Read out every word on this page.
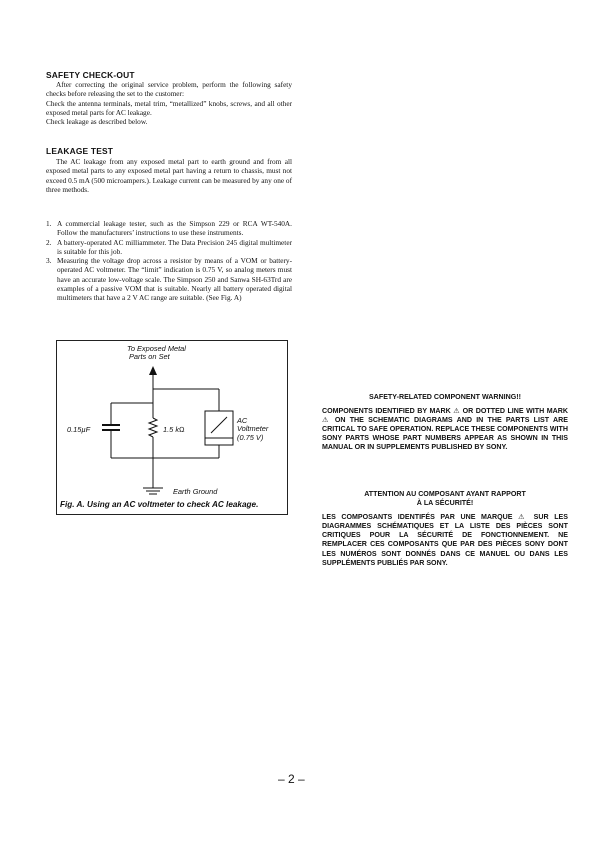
SAFETY CHECK-OUT

After correcting the original service problem, perform the following safety checks before releasing the set to the customer:

Check the antenna terminals, metal trim, “metallized” knobs, screws, and all other exposed metal parts for AC leakage.

Check leakage as described below.

LEAKAGE TEST

The AC leakage from any exposed metal part to earth ground and from all exposed metal parts to any exposed metal part having a return to chassis, must not exceed 0.5 mA (500 microampers.). Leakage current can be measured by any one of three methods.

1. A commercial leakage tester, such as the Simpson 229 or RCA WT-540A. Follow the manufacturers’ instructions to use these instruments.
2. A battery-operated AC milliammeter. The Data Precision 245 digital multimeter is suitable for this job.
3. Measuring the voltage drop across a resistor by means of a VOM or battery-operated AC voltmeter. The “limit” indication is 0.75 V, so analog meters must have an accurate low-voltage scale. The Simpson 250 and Sanwa SH-63Trd are examples of a passive VOM that is suitable. Nearly all battery operated digital multimeters that have a 2 V AC range are suitable. (See Fig. A)
To Exposed Metal
Parts on Set
0.15µF	1.5 kΩ
AC
Voltmeter
(0.75 V)
Earth Ground
Fig. A. Using an AC voltmeter to check AC leakage.
SAFETY-RELATED COMPONENT WARNING!!
COMPONENTS IDENTIFIED BY MARK ⚠ OR DOTTED LINE WITH MARK ⚠ ON THE SCHEMATIC DIAGRAMS AND IN THE PARTS LIST ARE CRITICAL TO SAFE OPERATION. REPLACE THESE COMPONENTS WITH SONY PARTS WHOSE PART NUMBERS APPEAR AS SHOWN IN THIS MANUAL OR IN SUPPLEMENTS PUBLISHED BY SONY.
ATTENTION AU COMPOSANT AYANT RAPPORT
À LA SÉCURITÉ!
LES COMPOSANTS IDENTIFÉS PAR UNE MARQUE ⚠ SUR LES DIAGRAMMES SCHÉMATIQUES ET LA LISTE DES PIÈCES SONT CRITIQUES POUR LA SÉCURITÉ DE FONCTIONNEMENT. NE REMPLACER CES COMPOSANTS QUE PAR DES PIÈCES SONY DONT LES NUMÉROS SONT DONNÉS DANS CE MANUEL OU DANS LES SUPPLÉMENTS PUBLIÉS PAR SONY.
– 2 –
